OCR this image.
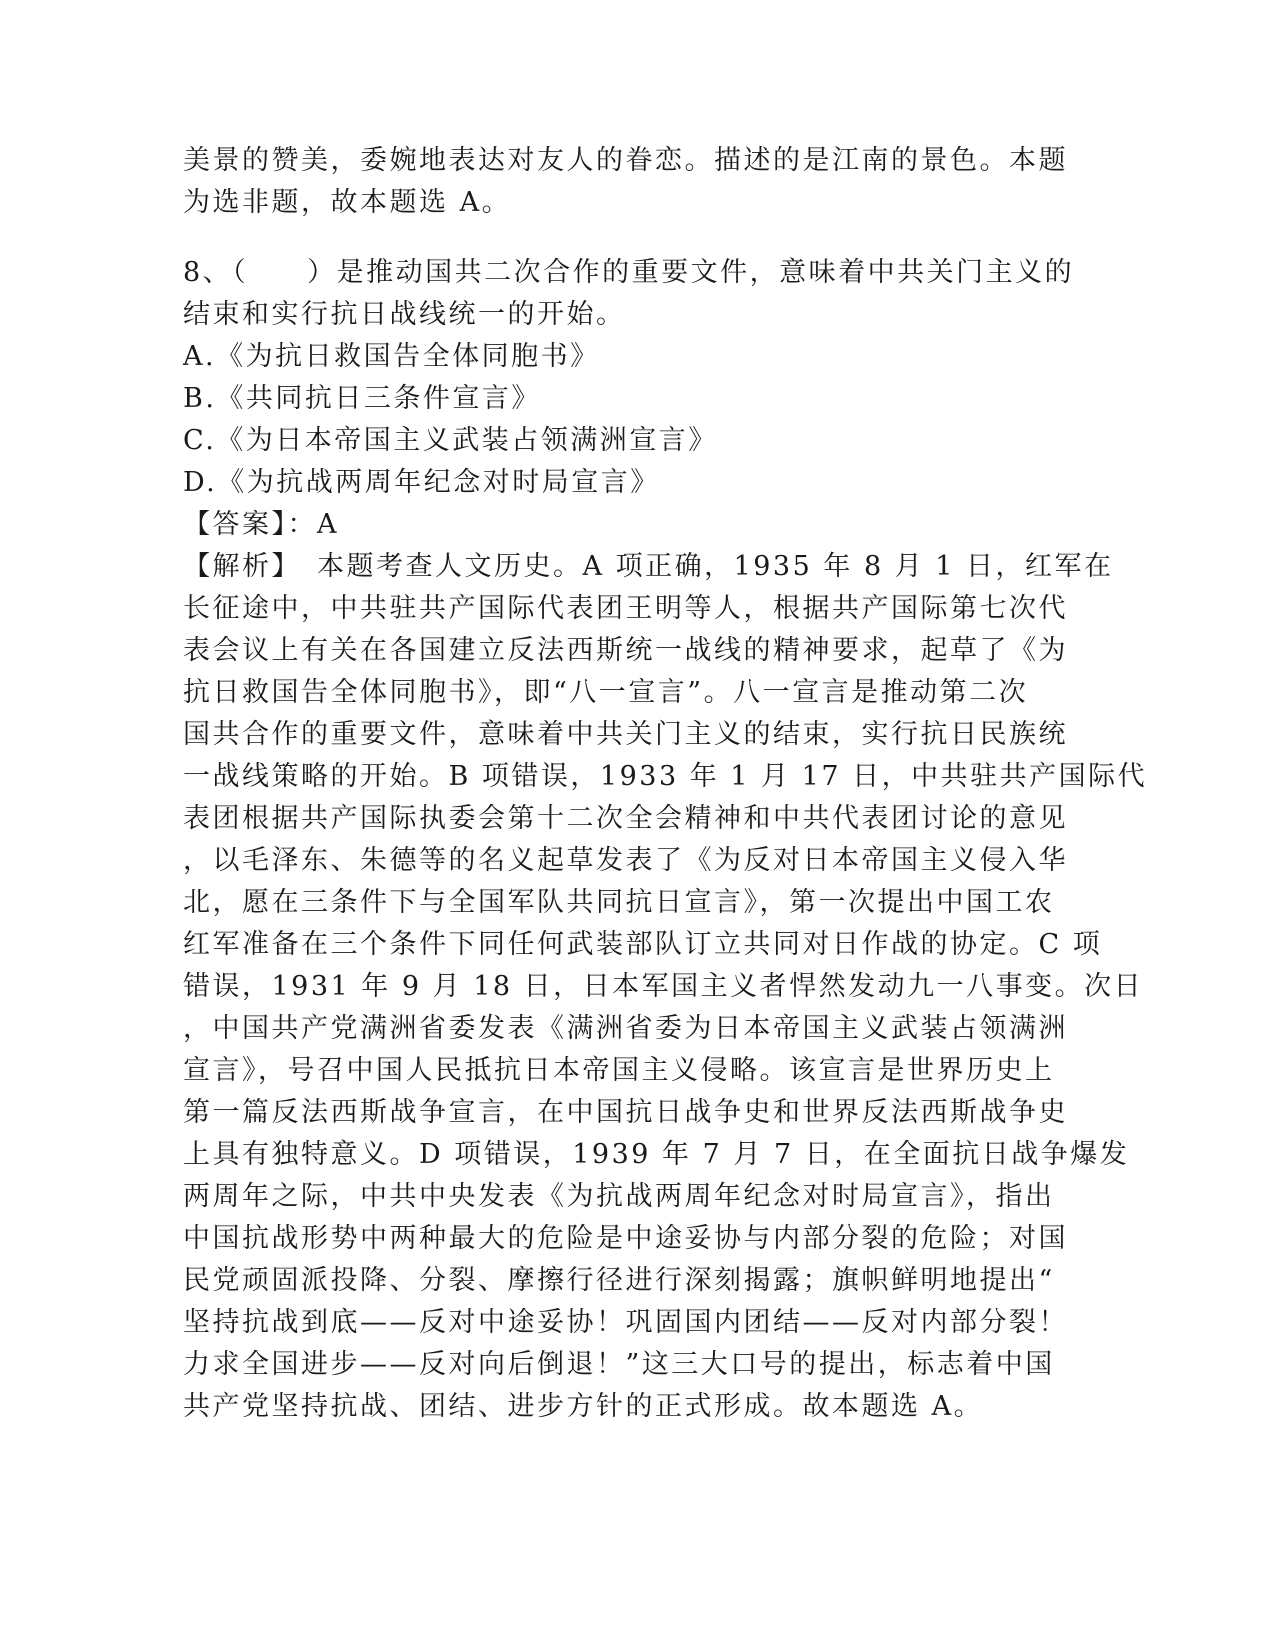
美景的赞美，委婉地表达对友人的眷恋。描述的是江南的景色。本题
为选非题，故本题选 A。
8、（　　）是推动国共二次合作的重要文件，意味着中共关门主义的
结束和实行抗日战线统一的开始。
A.《为抗日救国告全体同胞书》
B.《共同抗日三条件宣言》
C.《为日本帝国主义武装占领满洲宣言》
D.《为抗战两周年纪念对时局宣言》
【答案】：A
【解析】　本题考查人文历史。A 项正确，1935 年 8 月 1 日，红军在
长征途中，中共驻共产国际代表团王明等人，根据共产国际第七次代
表会议上有关在各国建立反法西斯统一战线的精神要求，起草了《为
抗日救国告全体同胞书》，即“八一宣言”。八一宣言是推动第二次
国共合作的重要文件，意味着中共关门主义的结束，实行抗日民族统
一战线策略的开始。B 项错误，1933 年 1 月 17 日，中共驻共产国际代
表团根据共产国际执委会第十二次全会精神和中共代表团讨论的意见
，以毛泽东、朱德等的名义起草发表了《为反对日本帝国主义侵入华
北，愿在三条件下与全国军队共同抗日宣言》，第一次提出中国工农
红军准备在三个条件下同任何武装部队订立共同对日作战的协定。C 项
错误，1931 年 9 月 18 日，日本军国主义者悍然发动九一八事变。次日
，中国共产党满洲省委发表《满洲省委为日本帝国主义武装占领满洲
宣言》，号召中国人民抵抗日本帝国主义侵略。该宣言是世界历史上
第一篇反法西斯战争宣言，在中国抗日战争史和世界反法西斯战争史
上具有独特意义。D 项错误，1939 年 7 月 7 日，在全面抗日战争爆发
两周年之际，中共中央发表《为抗战两周年纪念对时局宣言》，指出
中国抗战形势中两种最大的危险是中途妥协与内部分裂的危险；对国
民党顽固派投降、分裂、摩擦行径进行深刻揭露；旗帜鲜明地提出“
坚持抗战到底——反对中途妥协！巩固国内团结——反对内部分裂！
力求全国进步——反对向后倒退！”这三大口号的提出，标志着中国
共产党坚持抗战、团结、进步方针的正式形成。故本题选 A。
